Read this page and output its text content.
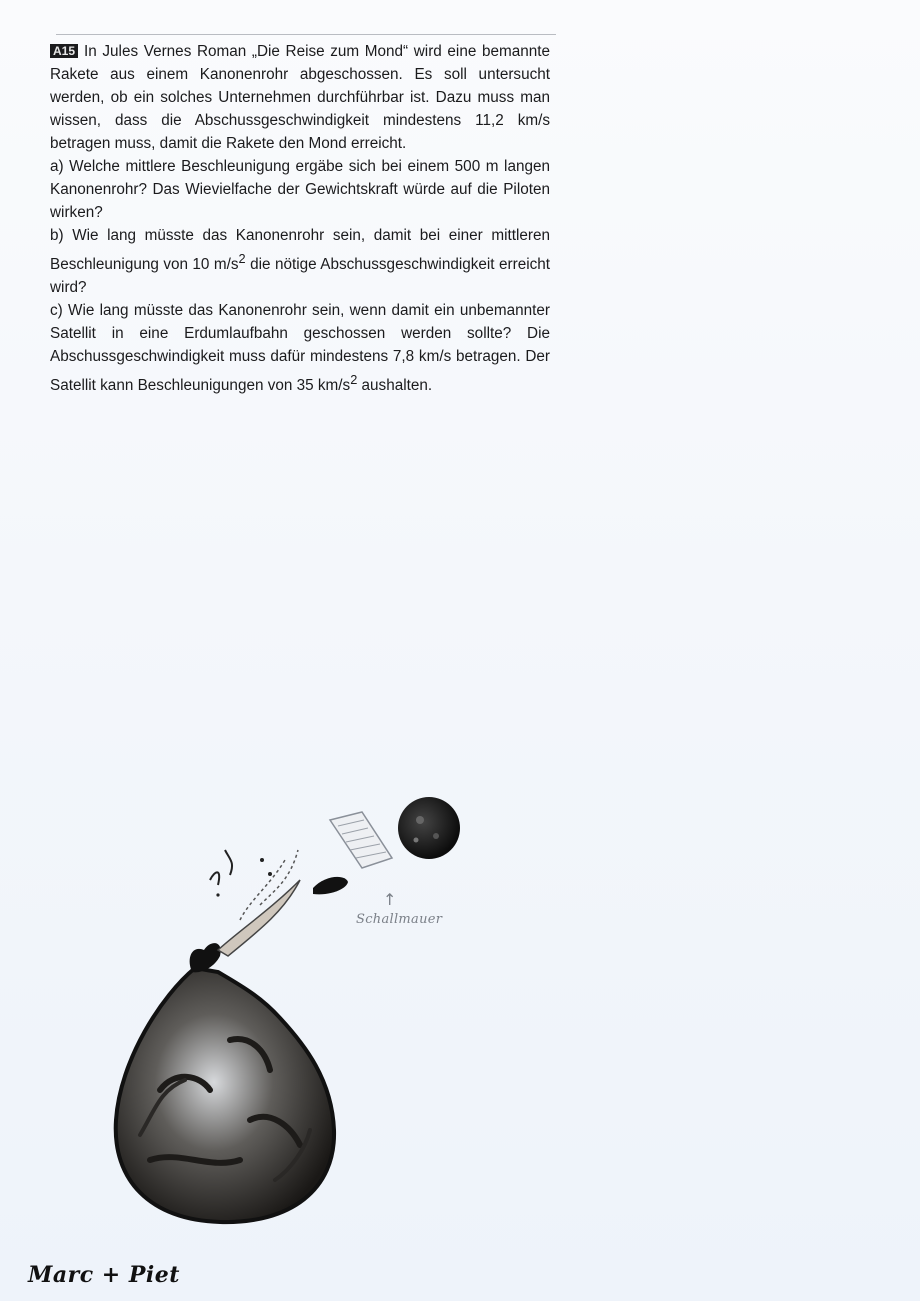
A15 In Jules Vernes Roman „Die Reise zum Mond“ wird eine bemannte Rakete aus einem Kanonenrohr abgeschossen. Es soll untersucht werden, ob ein solches Unternehmen durchführbar ist. Dazu muss man wissen, dass die Abschussgeschwindigkeit mindestens 11,2 km/s betragen muss, damit die Rakete den Mond erreicht.

a) Welche mittlere Beschleunigung ergäbe sich bei einem 500 m langen Kanonenrohr? Das Wievielfache der Gewichtskraft würde auf die Piloten wirken?

b) Wie lang müsste das Kanonenrohr sein, damit bei einer mittleren Beschleunigung von 10 $m/s^2$ die nötige Abschussgeschwindigkeit erreicht wird?

c) Wie lang müsste das Kanonenrohr sein, wenn damit ein unbemannter Satellit in eine Erdumlaufbahn geschossen werden sollte? Die Abschussgeschwindigkeit muss dafür mindestens 7,8 km/s betragen. Der Satellit kann Beschleunigungen von 35 $km/s^2$ aushalten.

↑
Schallmauer
Marc + Piet
